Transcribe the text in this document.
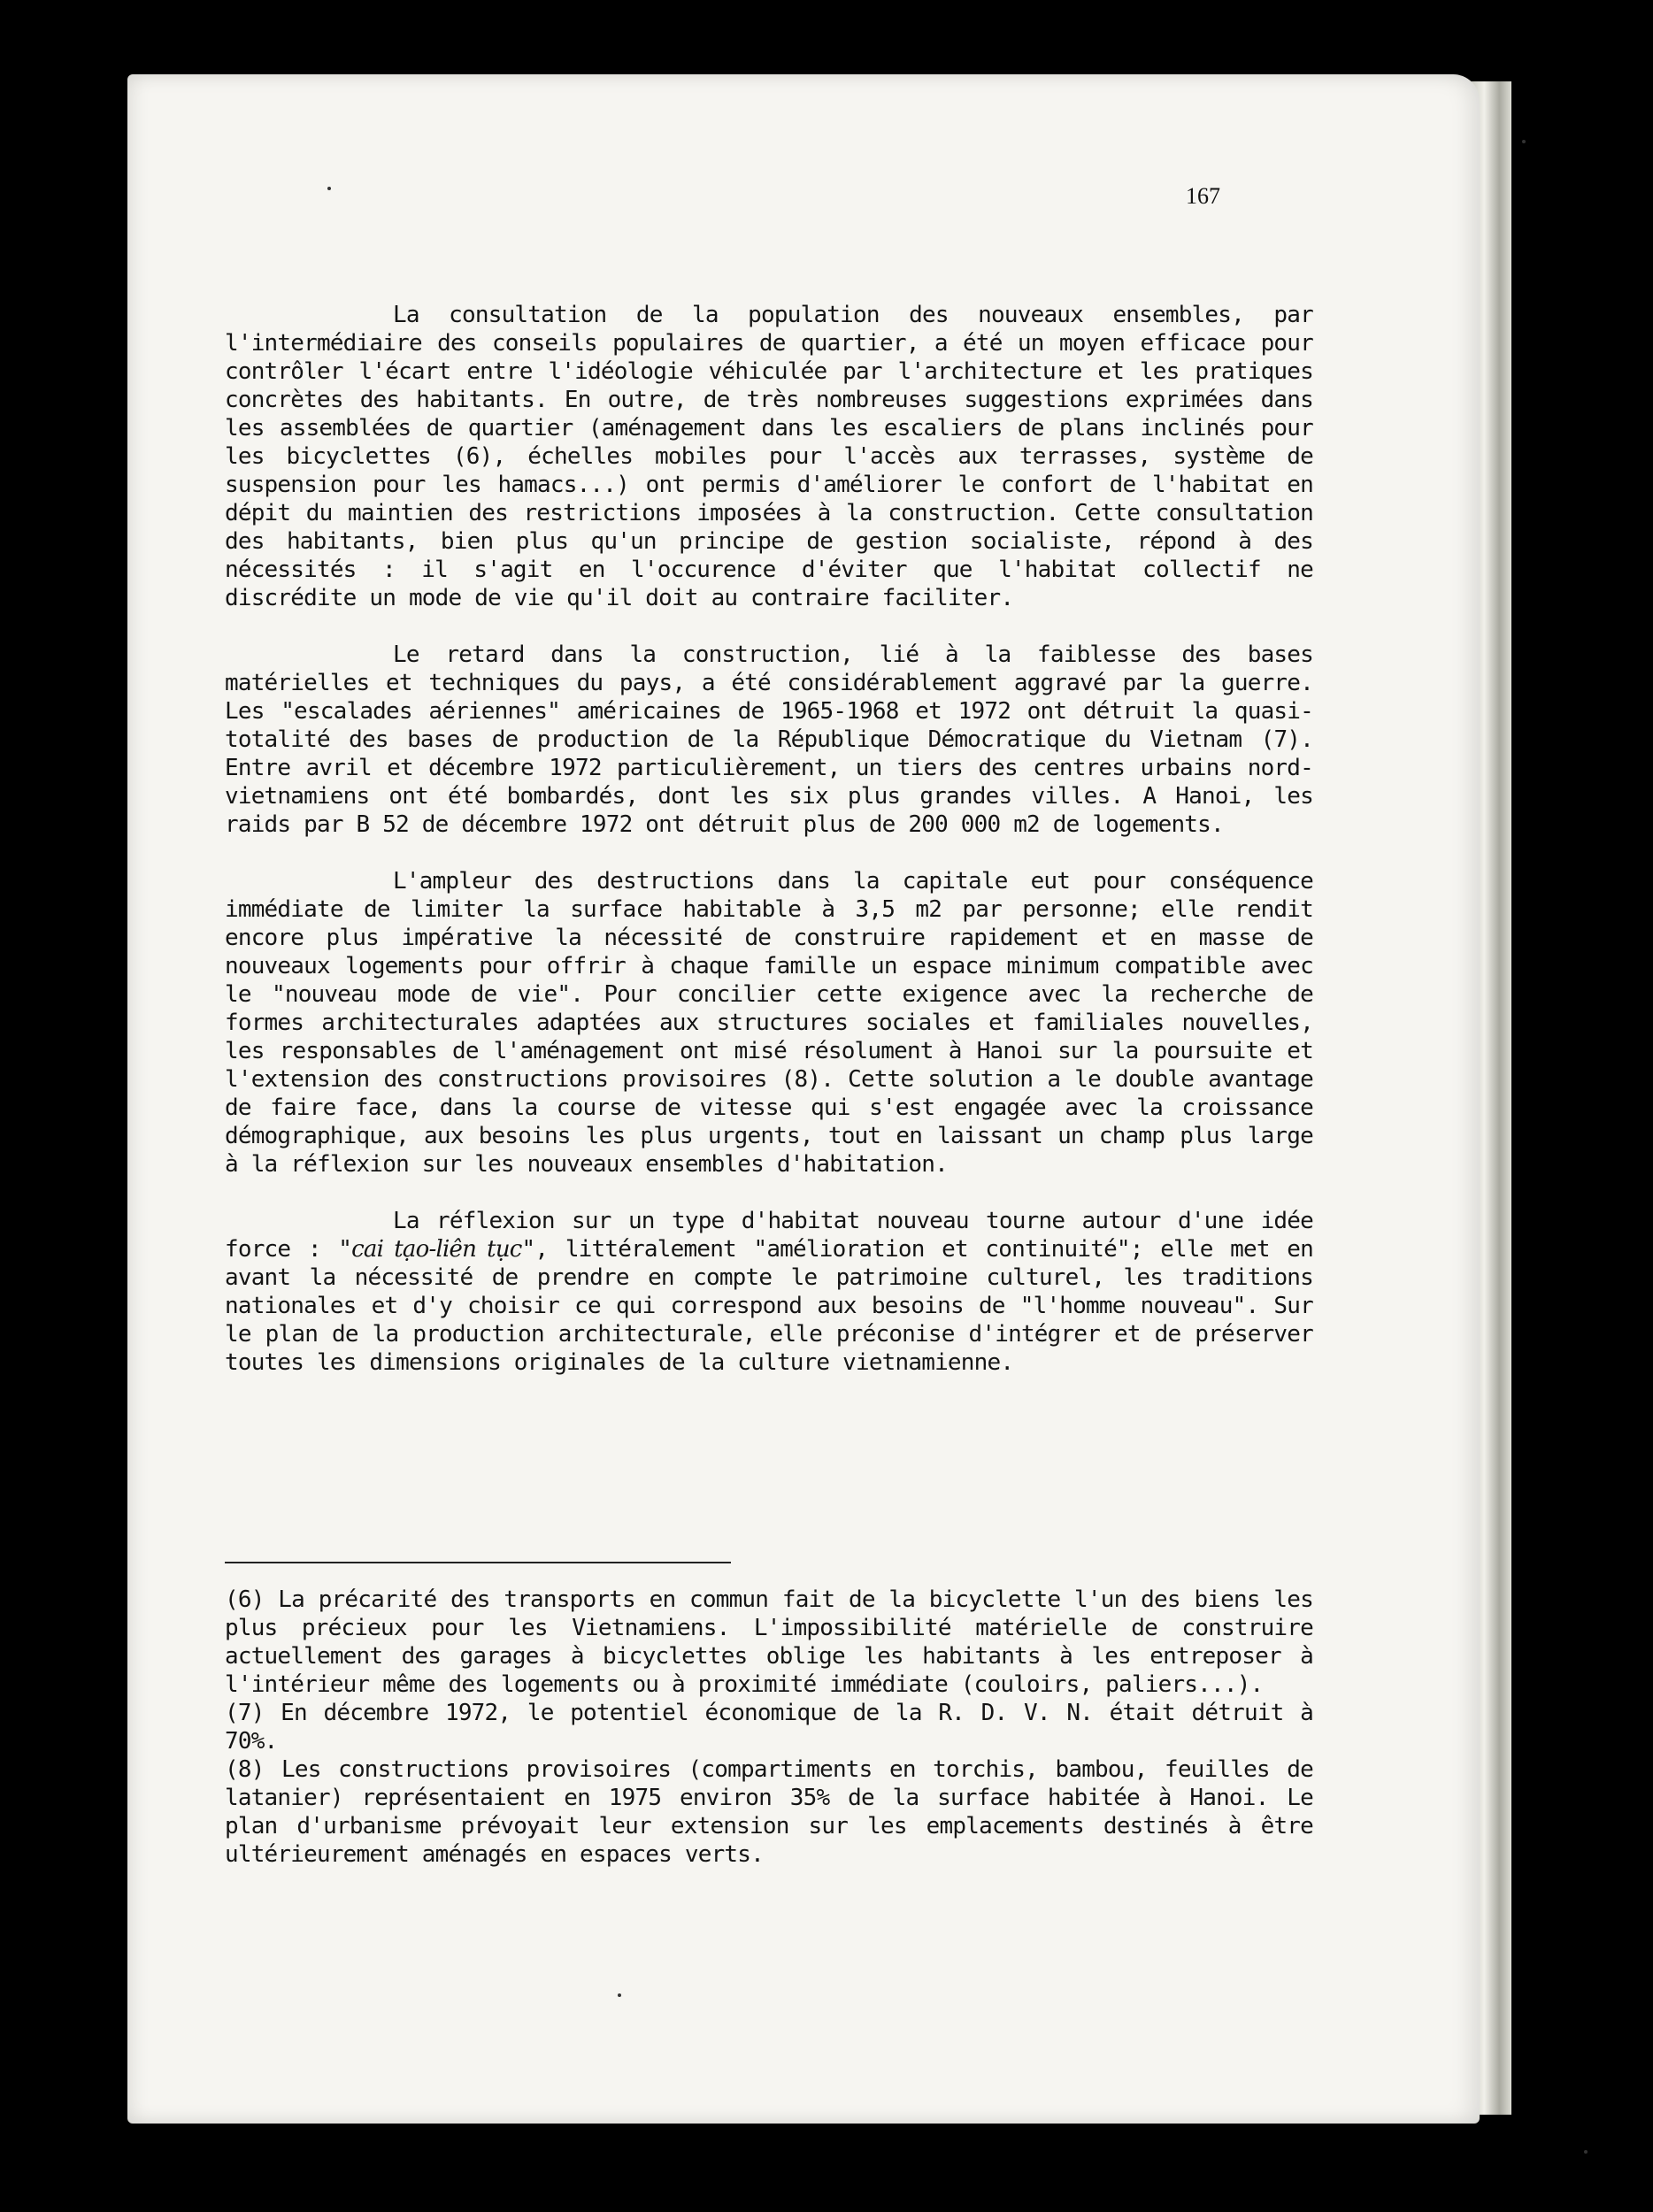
167

La consultation de la population des nouveaux ensembles, par l'intermédiaire des conseils populaires de quartier, a été un moyen efficace pour contrôler l'écart entre l'idéologie véhiculée par l'architecture et les pratiques concrètes des habitants. En outre, de très nombreuses suggestions exprimées dans les assemblées de quartier (aménagement dans les escaliers de plans inclinés pour les bicyclettes (6), échelles mobiles pour l'accès aux terrasses, système de suspension pour les hamacs...) ont permis d'améliorer le confort de l'habitat en dépit du maintien des restrictions imposées à la construction. Cette consultation des habitants, bien plus qu'un principe de gestion socialiste, répond à des nécessités : il s'agit en l'occurence d'éviter que l'habitat collectif ne discrédite un mode de vie qu'il doit au contraire faciliter.

Le retard dans la construction, lié à la faiblesse des bases matérielles et techniques du pays, a été considérablement aggravé par la guerre. Les "escalades aériennes" américaines de 1965-1968 et 1972 ont détruit la quasi-totalité des bases de production de la République Démocratique du Vietnam (7). Entre avril et décembre 1972 particulièrement, un tiers des centres urbains nord-vietnamiens ont été bombardés, dont les six plus grandes villes. A Hanoi, les raids par B 52 de décembre 1972 ont détruit plus de 200 000 m2 de logements.

L'ampleur des destructions dans la capitale eut pour conséquence immédiate de limiter la surface habitable à 3,5 m2 par personne; elle rendit encore plus impérative la nécessité de construire rapidement et en masse de nouveaux logements pour offrir à chaque famille un espace minimum compatible avec le "nouveau mode de vie". Pour concilier cette exigence avec la recherche de formes architecturales adaptées aux structures sociales et familiales nouvelles, les responsables de l'aménagement ont misé résolument à Hanoi sur la poursuite et l'extension des constructions provisoires (8). Cette solution a le double avantage de faire face, dans la course de vitesse qui s'est engagée avec la croissance démographique, aux besoins les plus urgents, tout en laissant un champ plus large à la réflexion sur les nouveaux ensembles d'habitation.

La réflexion sur un type d'habitat nouveau tourne autour d'une idée force : "cai tạo-liên tục", littéralement "amélioration et continuité"; elle met en avant la nécessité de prendre en compte le patrimoine culturel, les traditions nationales et d'y choisir ce qui correspond aux besoins de "l'homme nouveau". Sur le plan de la production architecturale, elle préconise d'intégrer et de préserver toutes les dimensions originales de la culture vietnamienne.

(6) La précarité des transports en commun fait de la bicyclette l'un des biens les plus précieux pour les Vietnamiens. L'impossibilité matérielle de construire actuellement des garages à bicyclettes oblige les habitants à les entreposer à l'intérieur même des logements ou à proximité immédiate (couloirs, paliers...).

(7) En décembre 1972, le potentiel économique de la R. D. V. N. était détruit à 70%.

(8) Les constructions provisoires (compartiments en torchis, bambou, feuilles de latanier) représentaient en 1975 environ 35% de la surface habitée à Hanoi. Le plan d'urbanisme prévoyait leur extension sur les emplacements destinés à être ultérieurement aménagés en espaces verts.
